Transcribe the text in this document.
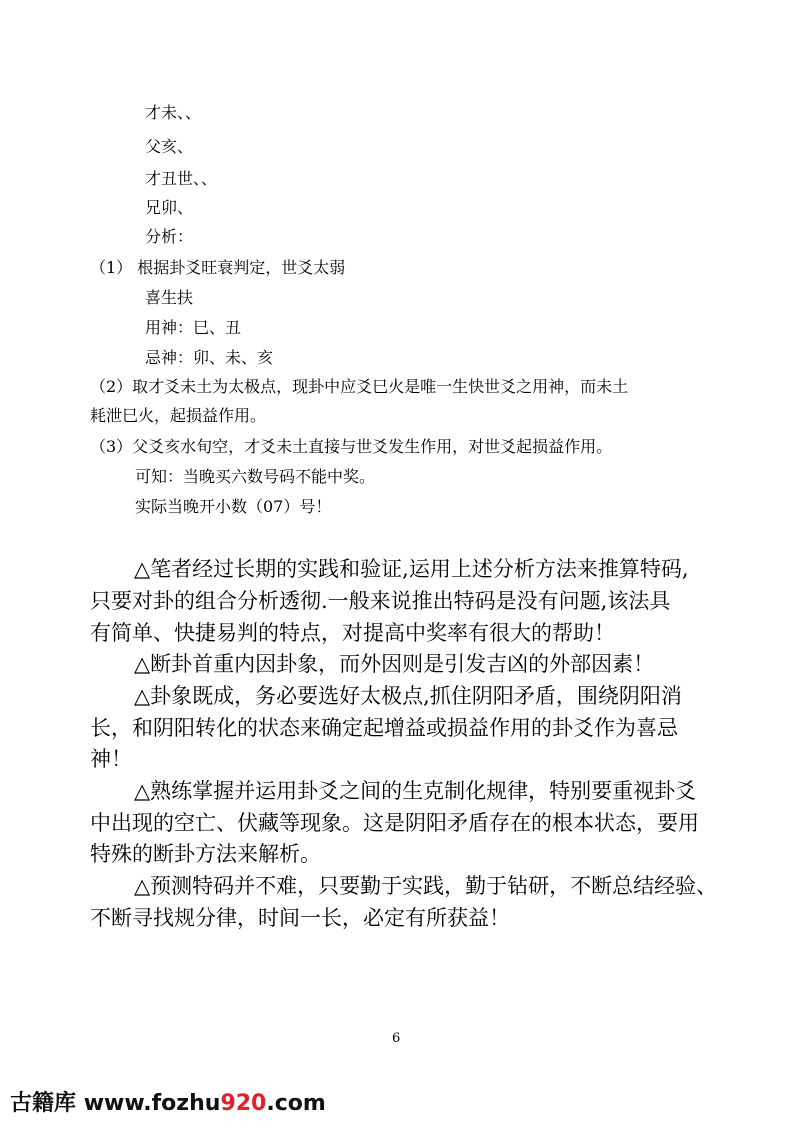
才未、、
父亥、
才丑世、、
兄卯、
分析：
（1） 根据卦爻旺衰判定，世爻太弱
喜生扶
用神：巳、丑
忌神：卯、未、亥
（2）取才爻未土为太极点，现卦中应爻巳火是唯一生快世爻之用神，而未土
耗泄巳火，起损益作用。
（3）父爻亥水旬空，才爻未土直接与世爻发生作用，对世爻起损益作用。
可知：当晚买六数号码不能中奖。
实际当晚开小数（07）号！
△笔者经过长期的实践和验证,运用上述分析方法来推算特码,
只要对卦的组合分析透彻.一般来说推出特码是没有问题,该法具
有简单、快捷易判的特点，对提高中奖率有很大的帮助！
△断卦首重内因卦象，而外因则是引发吉凶的外部因素！
△卦象既成，务必要选好太极点,抓住阴阳矛盾，围绕阴阳消
长，和阴阳转化的状态来确定起增益或损益作用的卦爻作为喜忌
神！
△熟练掌握并运用卦爻之间的生克制化规律，特别要重视卦爻
中出现的空亡、伏藏等现象。这是阴阳矛盾存在的根本状态，要用
特殊的断卦方法来解析。
△预测特码并不难，只要勤于实践，勤于钻研，不断总结经验、
不断寻找规分律，时间一长，必定有所获益！
6
古籍库 www.fozhu920.com
